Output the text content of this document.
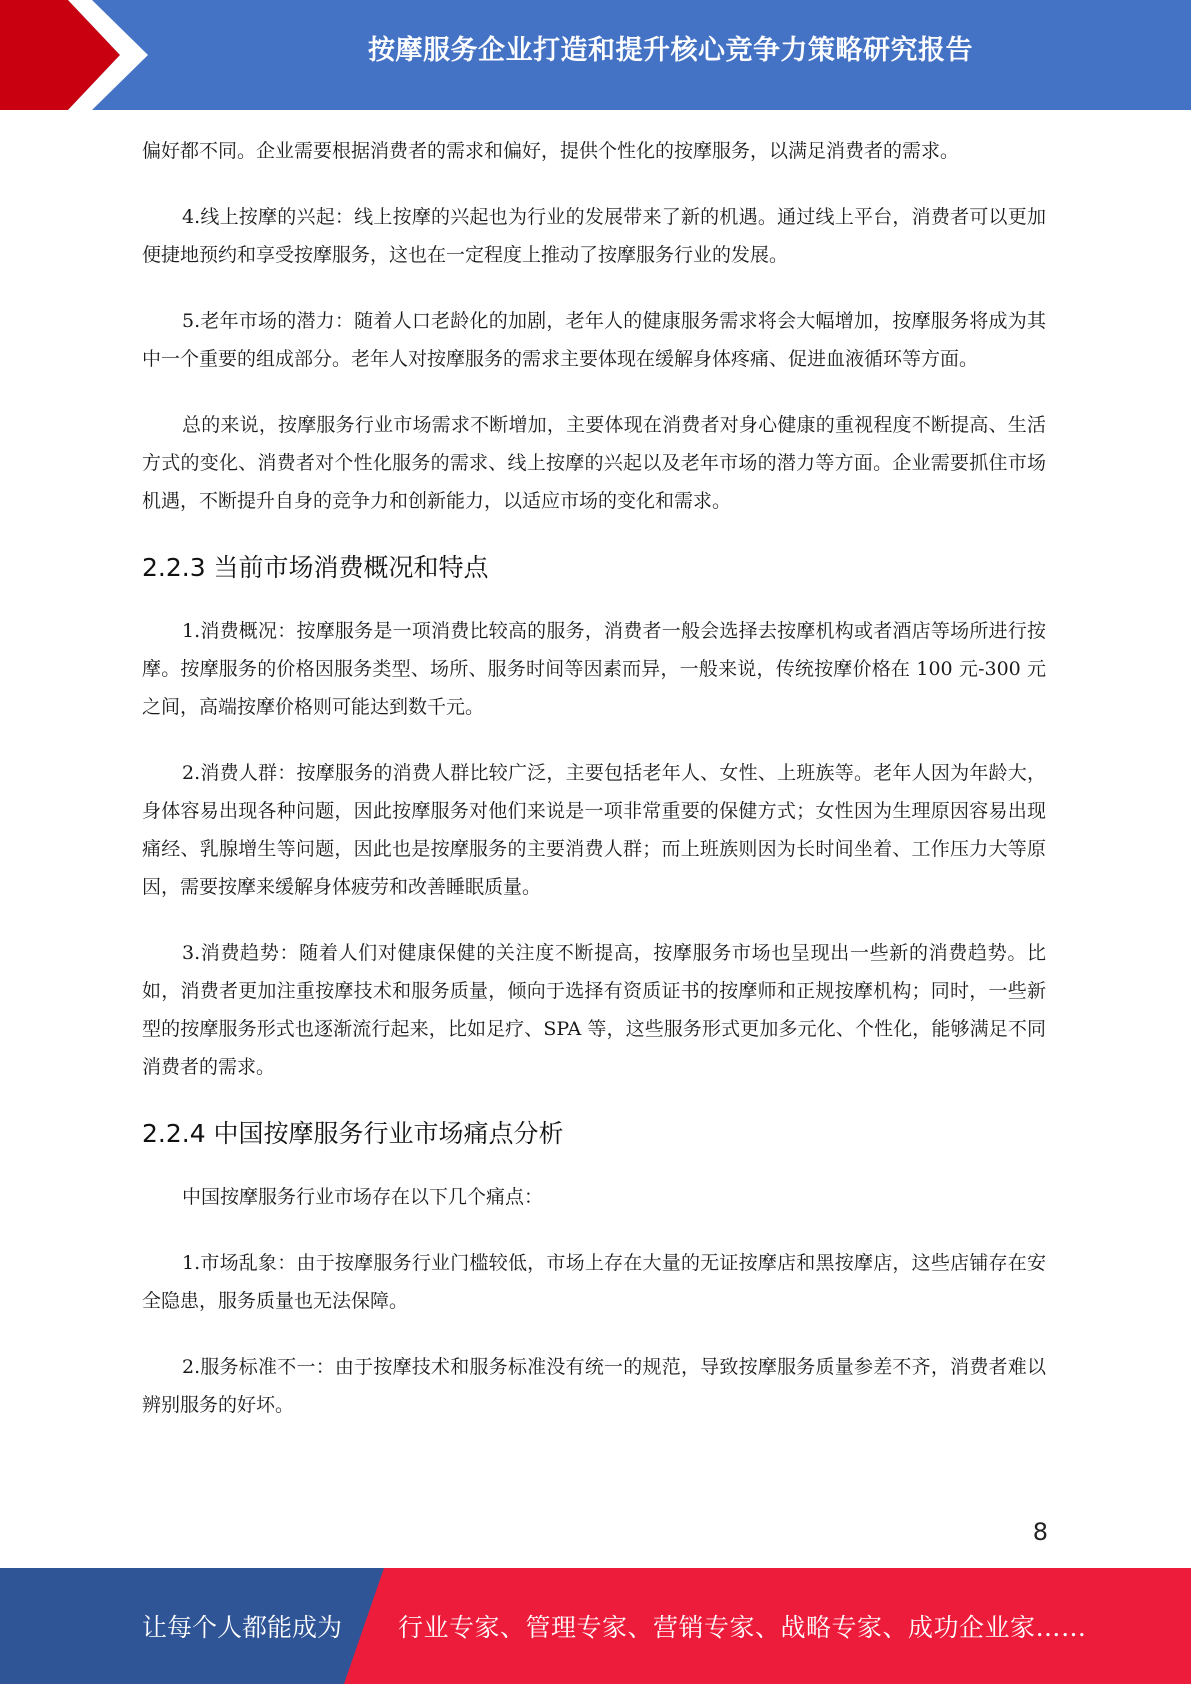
按摩服务企业打造和提升核心竞争力策略研究报告

偏好都不同。企业需要根据消费者的需求和偏好，提供个性化的按摩服务，以满足消费者的需求。

4.线上按摩的兴起：线上按摩的兴起也为行业的发展带来了新的机遇。通过线上平台，消费者可以更加便捷地预约和享受按摩服务，这也在一定程度上推动了按摩服务行业的发展。

5.老年市场的潜力：随着人口老龄化的加剧，老年人的健康服务需求将会大幅增加，按摩服务将成为其中一个重要的组成部分。老年人对按摩服务的需求主要体现在缓解身体疼痛、促进血液循环等方面。

总的来说，按摩服务行业市场需求不断增加，主要体现在消费者对身心健康的重视程度不断提高、生活方式的变化、消费者对个性化服务的需求、线上按摩的兴起以及老年市场的潜力等方面。企业需要抓住市场机遇，不断提升自身的竞争力和创新能力，以适应市场的变化和需求。

2.2.3 当前市场消费概况和特点

1.消费概况：按摩服务是一项消费比较高的服务，消费者一般会选择去按摩机构或者酒店等场所进行按摩。按摩服务的价格因服务类型、场所、服务时间等因素而异，一般来说，传统按摩价格在 100 元-300 元之间，高端按摩价格则可能达到数千元。

2.消费人群：按摩服务的消费人群比较广泛，主要包括老年人、女性、上班族等。老年人因为年龄大，身体容易出现各种问题，因此按摩服务对他们来说是一项非常重要的保健方式；女性因为生理原因容易出现痛经、乳腺增生等问题，因此也是按摩服务的主要消费人群；而上班族则因为长时间坐着、工作压力大等原因，需要按摩来缓解身体疲劳和改善睡眠质量。

3.消费趋势：随着人们对健康保健的关注度不断提高，按摩服务市场也呈现出一些新的消费趋势。比如，消费者更加注重按摩技术和服务质量，倾向于选择有资质证书的按摩师和正规按摩机构；同时，一些新型的按摩服务形式也逐渐流行起来，比如足疗、SPA 等，这些服务形式更加多元化、个性化，能够满足不同消费者的需求。

2.2.4 中国按摩服务行业市场痛点分析

中国按摩服务行业市场存在以下几个痛点：

1.市场乱象：由于按摩服务行业门槛较低，市场上存在大量的无证按摩店和黑按摩店，这些店铺存在安全隐患，服务质量也无法保障。

2.服务标准不一：由于按摩技术和服务标准没有统一的规范，导致按摩服务质量参差不齐，消费者难以辨别服务的好坏。

8
让每个人都能成为 行业专家、管理专家、营销专家、战略专家、成功企业家……
